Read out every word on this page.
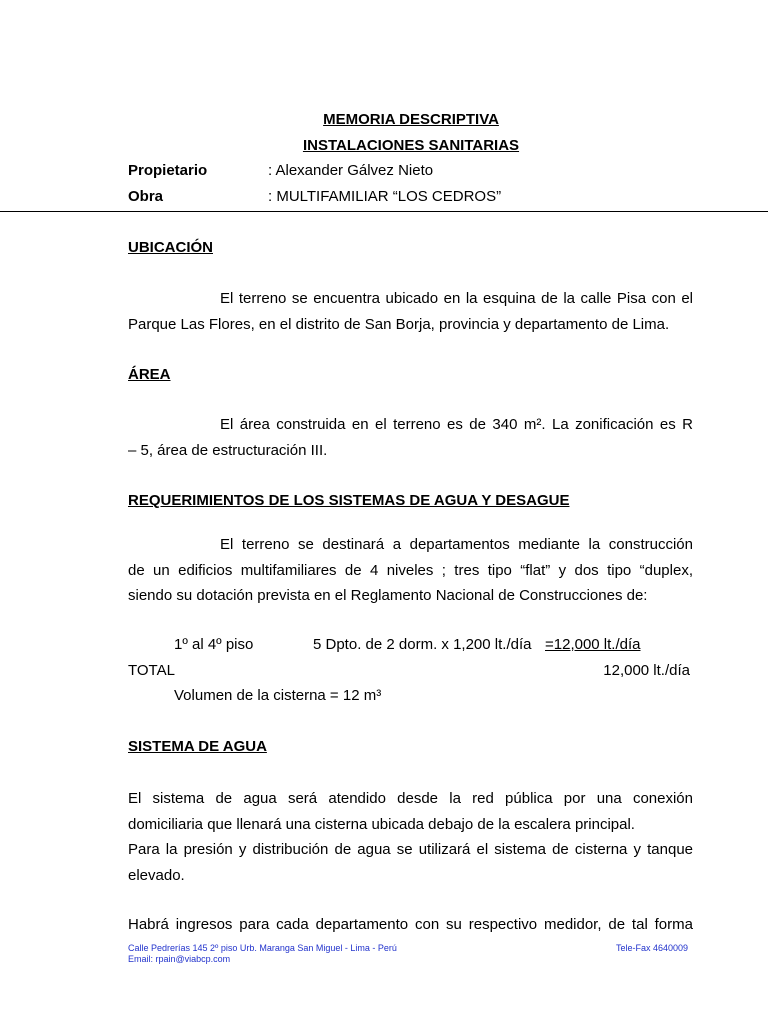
MEMORIA DESCRIPTIVA
INSTALACIONES SANITARIAS
Propietario	: Alexander Gálvez Nieto
Obra	: MULTIFAMILIAR “LOS CEDROS”
UBICACIÓN
El terreno se encuentra ubicado en la esquina de la calle Pisa con el
Parque Las Flores, en el distrito de San Borja, provincia y departamento de Lima.
ÁREA
El área construida en el terreno es de 340 m². La zonificación es R
– 5, área de estructuración III.
REQUERIMIENTOS DE LOS SISTEMAS DE AGUA Y DESAGUE
El terreno se destinará a departamentos mediante la construcción
de un edificios multifamiliares de 4 niveles ; tres tipo “flat” y dos tipo “duplex,
siendo su dotación prevista en el Reglamento Nacional de Construcciones de:
1º al 4º piso	5 Dpto. de 2 dorm. x 1,200 lt./día =12,000 lt./día
TOTAL	12,000 lt./día
Volumen de la cisterna = 12 m³
SISTEMA DE AGUA
El sistema de agua será atendido desde la red pública por una conexión
domiciliaria que llenará una cisterna ubicada debajo de la escalera principal.
Para la presión y distribución de agua se utilizará el sistema de cisterna y tanque
elevado.
Habrá ingresos para cada departamento con su respectivo medidor, de tal forma
Calle Pedrerías 145 2º piso Urb. Maranga San Miguel - Lima - Perú	Tele-Fax 4640009
Email: rpain@viabcp.com
